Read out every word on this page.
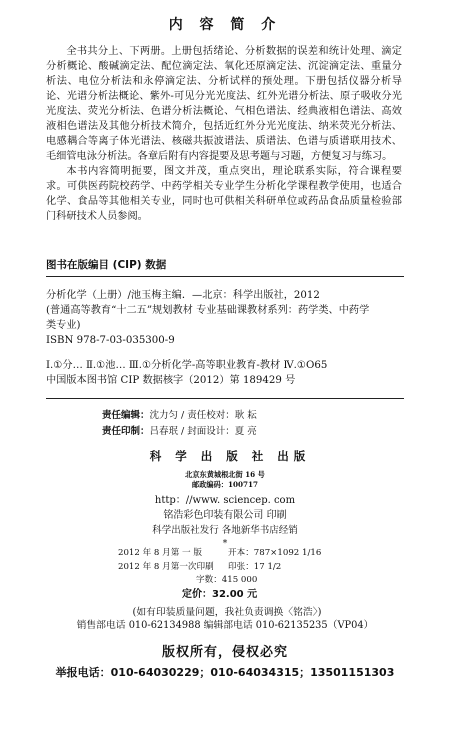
内 容 简 介

全书共分上、下两册。上册包括绪论、分析数据的误差和统计处理、滴定分析概论、酸碱滴定法、配位滴定法、氧化还原滴定法、沉淀滴定法、重量分析法、电位分析法和永停滴定法、分析试样的预处理。下册包括仪器分析导论、光谱分析法概论、紫外-可见分光光度法、红外光谱分析法、原子吸收分光光度法、荧光分析法、色谱分析法概论、气相色谱法、经典液相色谱法、高效液相色谱法及其他分析技术简介，包括近红外分光光度法、纳米荧光分析法、电感耦合等离子体光谱法、核磁共振波谱法、质谱法、色谱与质谱联用技术、毛细管电泳分析法。各章后附有内容提要及思考题与习题，方便复习与练习。

本书内容简明扼要，图文并茂，重点突出，理论联系实际，符合课程要求。可供医药院校药学、中药学相关专业学生分析化学课程教学使用，也适合化学、食品等其他相关专业，同时也可供相关科研单位或药品食品质量检验部门科研技术人员参阅。

图书在版编目 (CIP) 数据
分析化学（上册）/池玉梅主编．—北京：科学出版社，2012
(普通高等教育“十二五”规划教材 专业基础课教材系列：药学类、中药学
类专业)
ISBN 978-7-03-035300-9
Ⅰ.①分… Ⅱ.①池… Ⅲ.①分析化学-高等职业教育-教材 Ⅳ.①O65
中国版本图书馆 CIP 数据核字（2012）第 189429 号
责任编辑：沈力匀 / 责任校对：耿 耘
责任印制：吕春珉 / 封面设计：夏 亮
科 学 出 版 社 出版
北京东黄城根北街 16 号
邮政编码：100717
http：//www. sciencep. com
铭浩彩色印装有限公司 印刷
科学出版社发行 各地新华书店经销
*
2012 年 8 月第 一 版	开本：787×1092 1/16
2012 年 8 月第一次印刷 印张：17 1/2
字数：415 000
定价：32.00 元
(如有印装质量问题，我社负责调换〈铭浩〉)
销售部电话 010-62134988 编辑部电话 010-62135235（VP04）
版权所有，侵权必究
举报电话：010-64030229；010-64034315；13501151303
